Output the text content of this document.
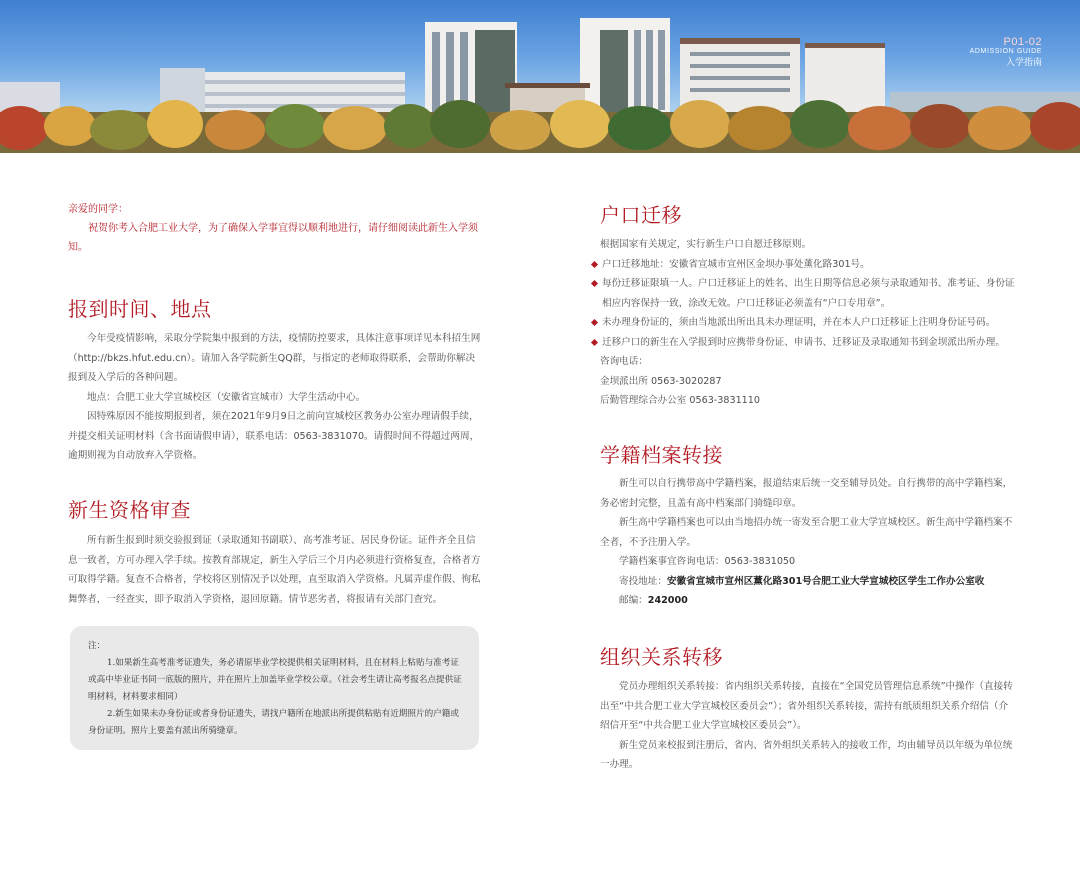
P01-02
ADMISSION GUIDE
入学指南

亲爱的同学：

祝贺你考入合肥工业大学，为了确保入学事宜得以顺利地进行，请仔细阅读此新生入学须知。

报到时间、地点

今年受疫情影响，采取分学院集中报到的方法，疫情防控要求，具体注意事项详见本科招生网（http://bkzs.hfut.edu.cn）。请加入各学院新生QQ群，与指定的老师取得联系，会帮助你解决报到及入学后的各种问题。

地点：合肥工业大学宣城校区（安徽省宣城市）大学生活动中心。

因特殊原因不能按期报到者，须在2021年9月9日之前向宣城校区教务办公室办理请假手续，并提交相关证明材料（含书面请假申请），联系电话：0563-3831070。请假时间不得超过两周，逾期则视为自动放弃入学资格。

新生资格审查

所有新生报到时须交验报到证（录取通知书副联）、高考准考证、居民身份证。证件齐全且信息一致者，方可办理入学手续。按教育部规定，新生入学后三个月内必须进行资格复查，合格者方可取得学籍。复查不合格者，学校将区别情况予以处理，直至取消入学资格。凡属弄虚作假、徇私舞弊者，一经查实，即予取消入学资格，退回原籍。情节恶劣者，将报请有关部门查究。

注：

1.如果新生高考准考证遗失，务必请原毕业学校提供相关证明材料，且在材料上粘贴与准考证或高中毕业证书同一底版的照片，并在照片上加盖毕业学校公章。（社会考生请让高考报名点提供证明材料，材料要求相同）

2.新生如果未办身份证或者身份证遗失，请找户籍所在地派出所提供粘贴有近期照片的户籍或身份证明。照片上要盖有派出所骑缝章。

户口迁移

根据国家有关规定，实行新生户口自愿迁移原则。

户口迁移地址：安徽省宣城市宣州区金坝办事处薰化路301号。
每份迁移证限填一人。户口迁移证上的姓名、出生日期等信息必须与录取通知书、准考证、身份证相应内容保持一致，涂改无效。户口迁移证必须盖有“户口专用章”。
未办理身份证的，须由当地派出所出具未办理证明，并在本人户口迁移证上注明身份证号码。
迁移户口的新生在入学报到时应携带身份证、申请书、迁移证及录取通知书到金坝派出所办理。

咨询电话：

金坝派出所 0563-3020287

后勤管理综合办公室 0563-3831110

学籍档案转接

新生可以自行携带高中学籍档案，报道结束后统一交至辅导员处。自行携带的高中学籍档案，务必密封完整，且盖有高中档案部门骑缝印章。

新生高中学籍档案也可以由当地招办统一寄发至合肥工业大学宣城校区。新生高中学籍档案不全者，不予注册入学。

学籍档案事宜咨询电话：0563-3831050

寄投地址：安徽省宣城市宣州区薰化路301号合肥工业大学宣城校区学生工作办公室收

邮编：242000

组织关系转移

党员办理组织关系转接：省内组织关系转接，直接在“全国党员管理信息系统”中操作（直接转出至“中共合肥工业大学宣城校区委员会”）；省外组织关系转接，需持有纸质组织关系介绍信（介绍信开至“中共合肥工业大学宣城校区委员会”）。

新生党员来校报到注册后，省内、省外组织关系转入的接收工作，均由辅导员以年级为单位统一办理。
